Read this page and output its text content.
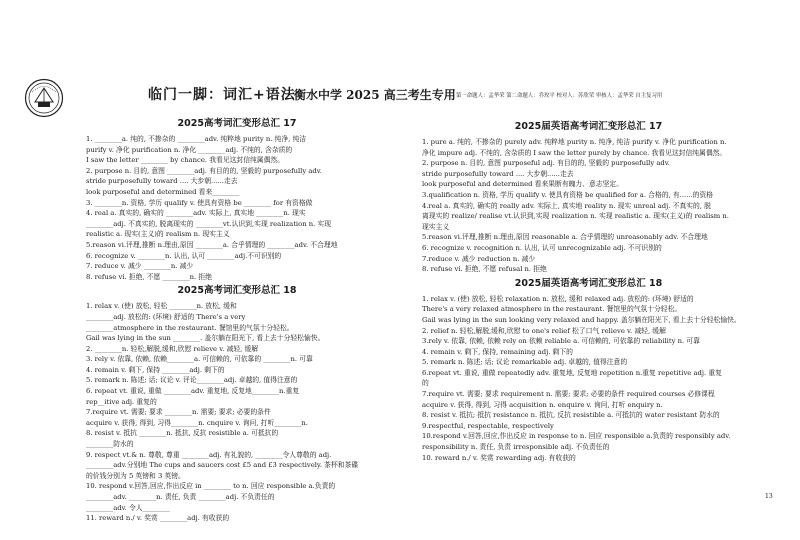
临门一脚：词汇+语法
衡水中学 2025 高三考生专用 第一命题人：孟华荣 第二命题人：乔玫平 校对人：苏欣荣 审核人：孟华荣 自主复习用
2025高考词汇变形总汇 17
1. ________a. 纯的, 不掺杂的 ________adv. 纯粹地 purity n. 纯净, 纯洁
purify v. 净化 purification n. 净化 ________adj. 不纯的, 含杂质的
I saw the letter ________ by chance. 我看见这封信纯属偶然。
2. purpose n. 目的, 意图 ________adj. 有目的的, 坚毅的 purposefully adv.
stride purposefully toward .... 大步朝......走去
look purposeful and determined 看来________
3. ________n. 资格, 学历 qualify v. 使具有资格 be ________ for 有资格做
4. real a. 真实的, 确实的 ________adv. 实际上, 真实地 ________n. 现实
________adj. 不真实的, 脱离现实的 ________vt.认识到,实现 realization n. 实现
realistic a. 现实(主义)的 realism n. 现实主义
5.reason vi.评理,推断 n.理由,原因 ________a. 合乎情理的 ________adv. 不合理地
6. recognize v. ________n. 认出, 认可 ________adj.不可识别的
7. reduce v. 减少 ________n. 减少
8. refuse vi. 拒绝, 不愿 ________n. 拒绝
2025高考词汇变形总汇 18
1. relax v. (使) 放松, 轻松 ________n. 放松, 缓和
________adj. 放松的: (环境) 舒适的 There's a very
________atmosphere in the restaurant. 餐馆里的气氛十分轻松。
Gail was lying in the sun ________. 盖尔躺在阳光下, 看上去十分轻松愉快。
2. ________n. 轻松,解脱,缓和,欣慰 relieve v. 减轻, 缓解
3. rely v. 依靠, 依赖, 依赖________a. 可信赖的, 可依靠的 ________n. 可靠
4. remain v. 剩下, 保持 ________adj. 剩下的
5. remark n. 陈述; 话; 议论 v. 评论________adj. 卓越的, 值得注意的
6. repeat vt. 重说, 重做 ________adv. 重复地, 反复地________n.重复
rep__itive adj. 重复的
7.require vt. 需要; 要求 ________n. 需要; 要求; 必要的条件
acquire v. 获得, 得到, 习得________n. cnquire v. 询问, 打听________n.
8. resist v. 抵抗 ________n. 抵抗, 反抗 resistible a. 可抵抗的
________防水的
9. respect vt.& n. 尊敬, 尊重 ________adj. 有礼貌的, ________令人尊敬的 adj.
________adv.分别地 The cups and saucers cost £5 and £3 respectively. 茶杯和茶碟
的价钱分别为 5 英镑和 3 英镑。
10. respond v.回答,回应,作出反应 in ________ to n. 回应 responsible a.负责的
________adv. ________n. 责任, 负责 ________adj. 不负责任的
________adv. 令人________
11. reward n./ v. 奖赏 ________adj. 有收获的
2025届英语高考词汇变形总汇 17
1. pure a. 纯的, 不掺杂的 purely adv. 纯粹地 purity n. 纯净, 纯洁 purify v. 净化 purification n.
净化 impure adj. 不纯的, 含杂质的 I saw the letter purely by chance. 我看见这封信纯属偶然。
2. purpose n. 目的, 意图 purposeful adj. 有目的的, 坚毅的 purposefully adv.
stride purposefully toward .... 大步朝......走去
look purposeful and determined 看来果断有魄力、意志坚定。
3.qualification n. 资格, 学历 qualify v. 使具有资格 be qualified for a. 合格的, 有......的资格
4.real a. 真实的, 确实的 really adv. 实际上, 真实地 reality n. 现实 unreal adj. 不真实的, 脱
离现实的 realize/ realise vt.认识到,实现 realization n. 实现 realistic a. 现实(主义)的 realism n.
现实主义
5.reason vi.评理,推断 n.理由,原因 reasonable a. 合乎情理的 unreasonably adv. 不合理地
6. recognize v. recognition n. 认出, 认可 unrecognizable adj. 不可识别的
7.reduce v. 减少 reduction n. 减少
8. refuse vi. 拒绝, 不愿 refusal n. 拒绝
2025届英语高考词汇变形总汇 18
1. relax v. (使) 放松, 轻松 relaxation n. 放松, 缓和 relaxed adj. 放松的: (环境) 舒适的
There's a very relaxed atmosphere in the restaurant. 餐馆里的气氛十分轻松。
Gail was lying in the sun looking very relaxed and happy. 盖尔躺在阳光下, 看上去十分轻松愉快。
2. relief n. 轻松,解脱,缓和,欣慰 to one's relief 松了口气 relieve v. 减轻, 缓解
3.rely v. 依靠, 依赖, 依赖 rely on 依赖 reliable a. 可信赖的, 可依靠的 reliability n. 可靠
4. remain v. 剩下, 保持, remaining adj. 剩下的
5. remark n. 陈述; 话; 议论 remarkable adj. 卓越的, 值得注意的
6.repeat vt. 重说, 重做 repeatedly adv. 重复地, 反复地 repetition n.重复 repetitive adj. 重复
的
7.require vt. 需要; 要求 requirement n. 需要; 要求; 必要的条件 required courses 必修课程
acquire v. 获得, 得到, 习得 acquisition n. enquire v. 询问, 打听 enquiry n.
8. resist v. 抵抗; 抵抗 resistance n. 抵抗, 反抗 resistible a. 可抵抗的 water resistant 防水的
9.respectful, respectable, respectively
10.respond v.回答,回应,作出反应 in response to n. 回应 responsible a.负责的 responsibly adv.
responsibility n. 责任, 负责 irresponsible adj. 不负责任的
10. reward n./ v. 奖赏 rewarding adj. 有收获的
13
